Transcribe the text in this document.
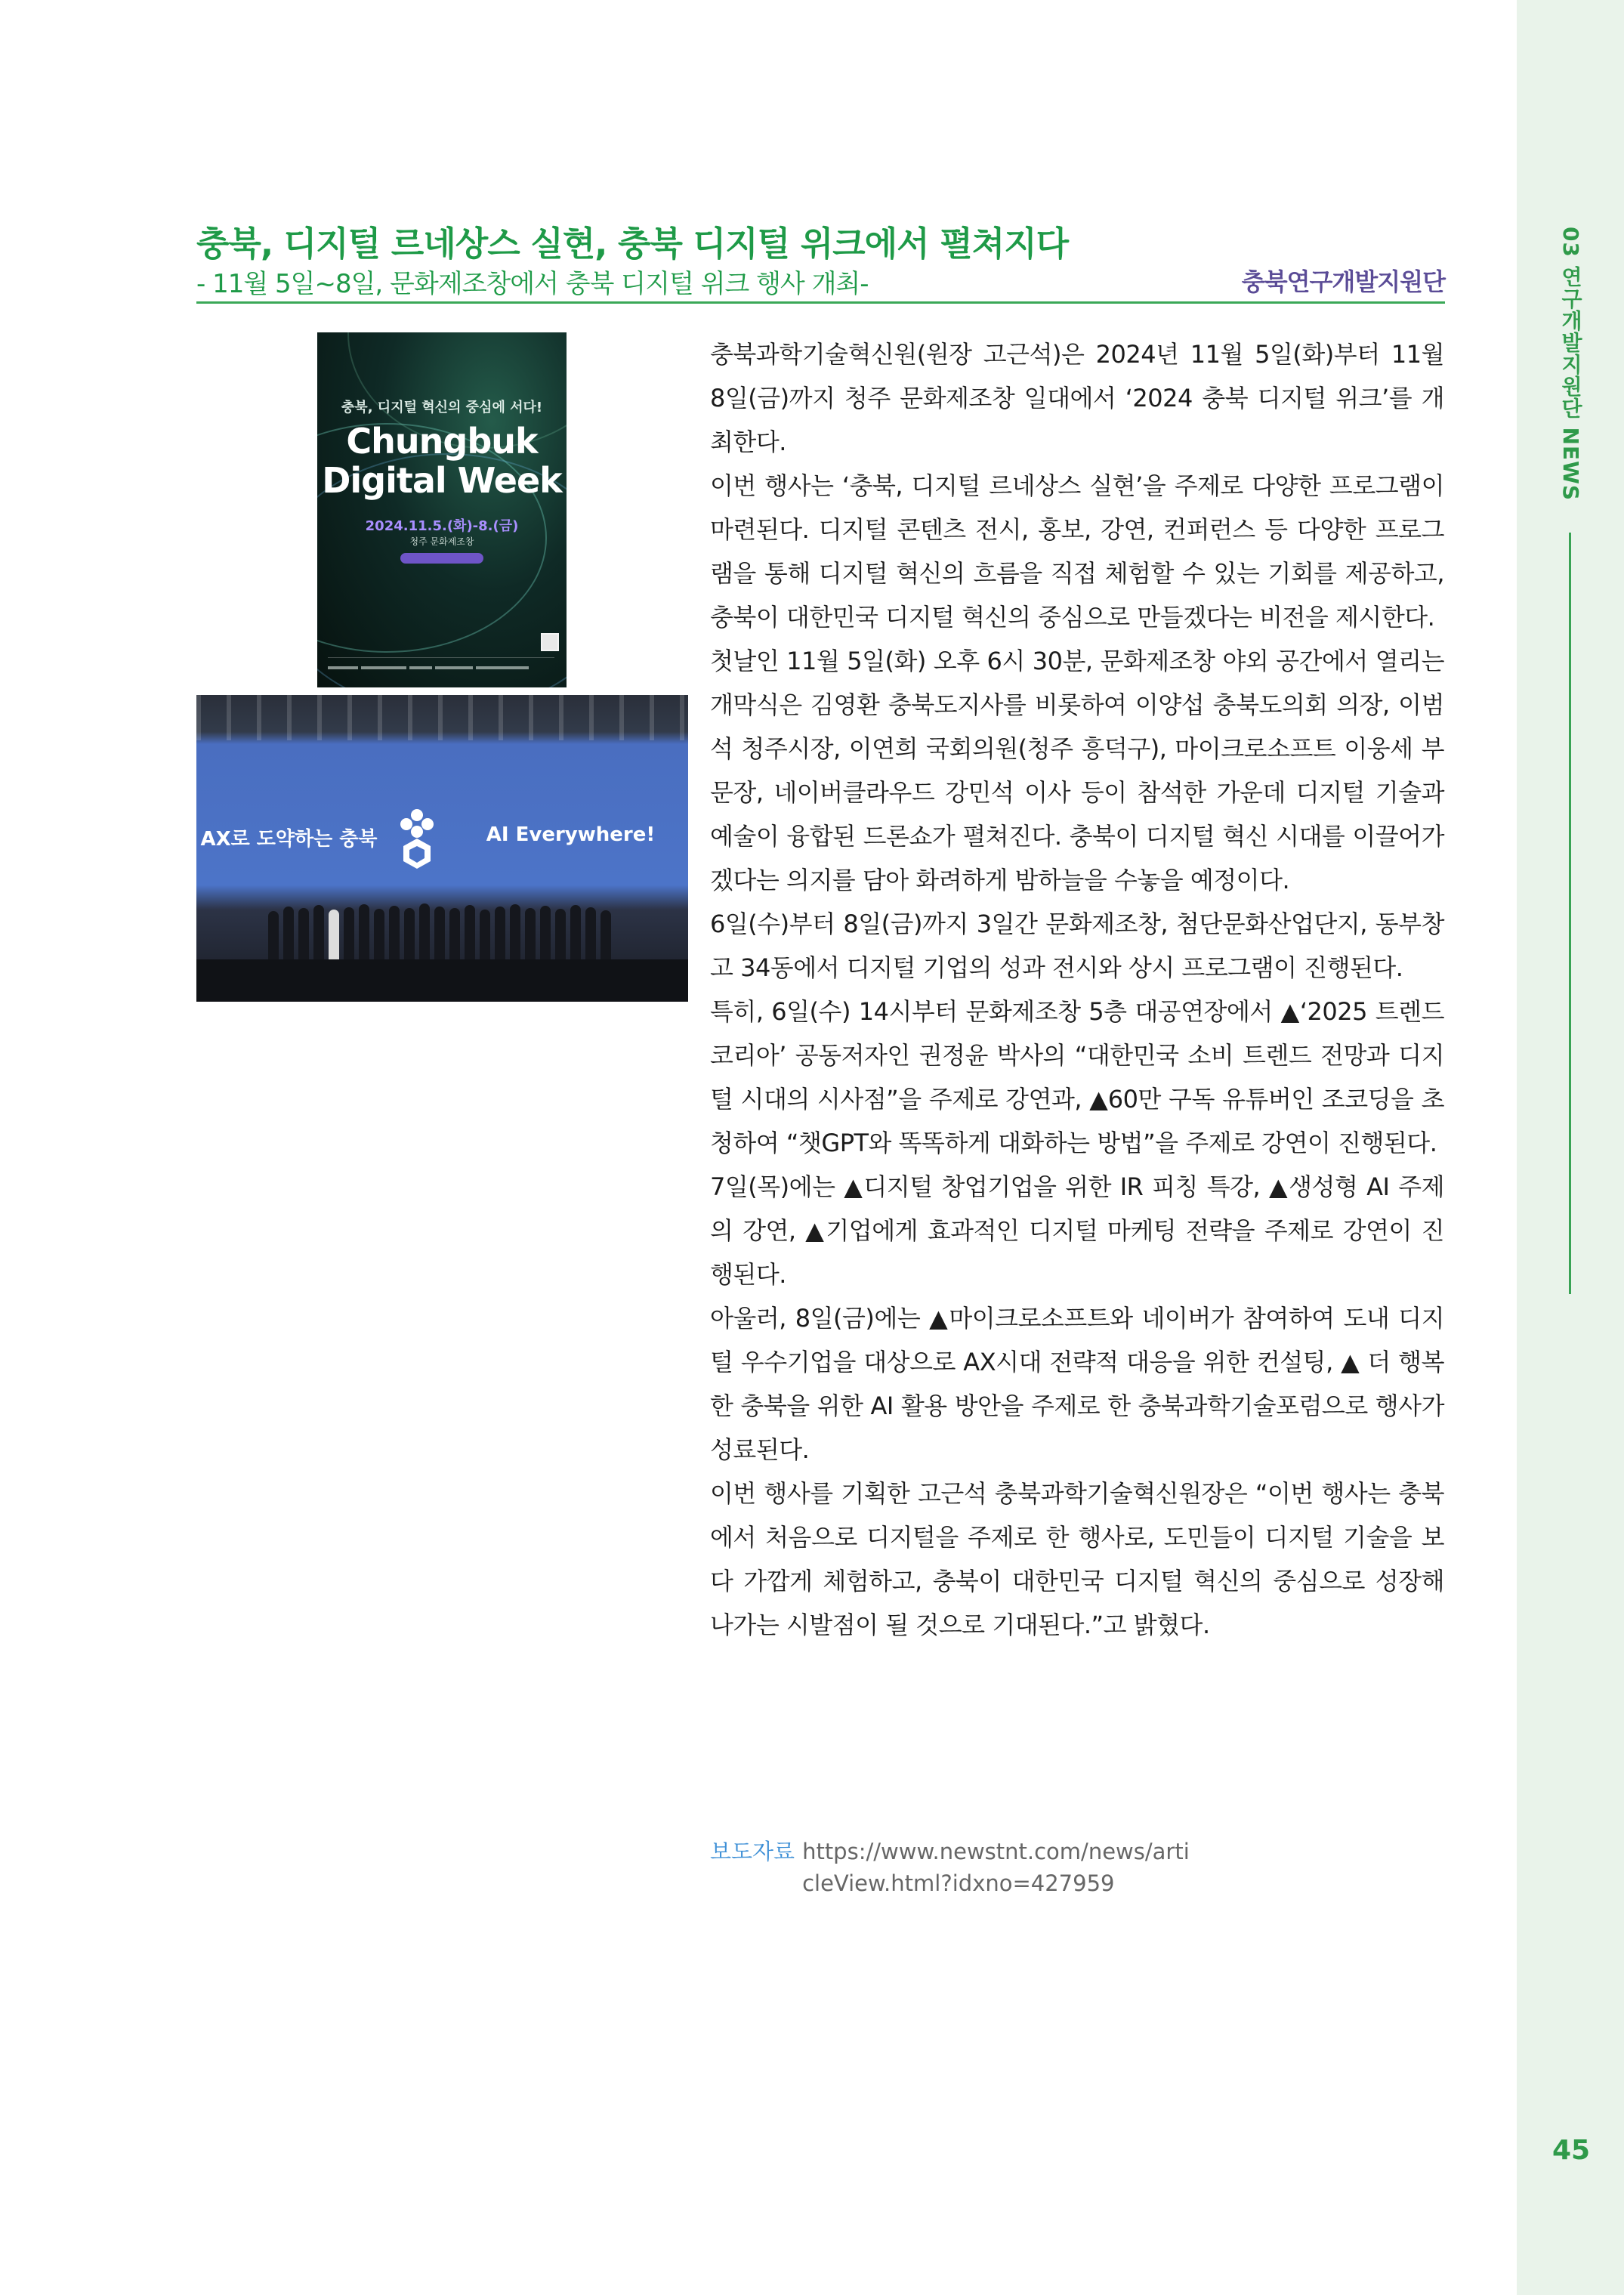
03 연구개발지원단 NEWS
45
충북, 디지털 르네상스 실현, 충북 디지털 위크에서 펼쳐지다
- 11월 5일~8일, 문화제조창에서 충북 디지털 위크 행사 개최-	충북연구개발지원단
충북, 디지털 혁신의 중심에 서다!
Chungbuk
Digital Week
2024.11.5.(화)-8.(금)
청주 문화제조창
AX로 도약하는 충북	AI Everywhere!

충북과학기술혁신원(원장 고근석)은 2024년 11월 5일(화)부터 11월 8일(금)까지 청주 문화제조창 일대에서 ‘2024 충북 디지털 위크’를 개최한다.

이번 행사는 ‘충북, 디지털 르네상스 실현’을 주제로 다양한 프로그램이 마련된다. 디지털 콘텐츠 전시, 홍보, 강연, 컨퍼런스 등 다양한 프로그램을 통해 디지털 혁신의 흐름을 직접 체험할 수 있는 기회를 제공하고, 충북이 대한민국 디지털 혁신의 중심으로 만들겠다는 비전을 제시한다.

첫날인 11월 5일(화) 오후 6시 30분, 문화제조창 야외 공간에서 열리는 개막식은 김영환 충북도지사를 비롯하여 이양섭 충북도의회 의장, 이범석 청주시장, 이연희 국회의원(청주 흥덕구), 마이크로소프트 이웅세 부문장, 네이버클라우드 강민석 이사 등이 참석한 가운데 디지털 기술과 예술이 융합된 드론쇼가 펼쳐진다. 충북이 디지털 혁신 시대를 이끌어가겠다는 의지를 담아 화려하게 밤하늘을 수놓을 예정이다.

6일(수)부터 8일(금)까지 3일간 문화제조창, 첨단문화산업단지, 동부창고 34동에서 디지털 기업의 성과 전시와 상시 프로그램이 진행된다.

특히, 6일(수) 14시부터 문화제조창 5층 대공연장에서 ▲‘2025 트렌드 코리아’ 공동저자인 권정윤 박사의 “대한민국 소비 트렌드 전망과 디지털 시대의 시사점”을 주제로 강연과, ▲60만 구독 유튜버인 조코딩을 초청하여 “챗GPT와 똑똑하게 대화하는 방법”을 주제로 강연이 진행된다.

7일(목)에는 ▲디지털 창업기업을 위한 IR 피칭 특강, ▲생성형 AI 주제의 강연, ▲기업에게 효과적인 디지털 마케팅 전략을 주제로 강연이 진행된다.

아울러, 8일(금)에는 ▲마이크로소프트와 네이버가 참여하여 도내 디지털 우수기업을 대상으로 AX시대 전략적 대응을 위한 컨설팅, ▲ 더 행복한 충북을 위한 AI 활용 방안을 주제로 한 충북과학기술포럼으로 행사가 성료된다.

이번 행사를 기획한 고근석 충북과학기술혁신원장은 “이번 행사는 충북에서 처음으로 디지털을 주제로 한 행사로, 도민들이 디지털 기술을 보다 가깝게 체험하고, 충북이 대한민국 디지털 혁신의 중심으로 성장해 나가는 시발점이 될 것으로 기대된다.”고 밝혔다.

보도자료 https://www.newstnt.com/news/articleView.html?idxno=427959
